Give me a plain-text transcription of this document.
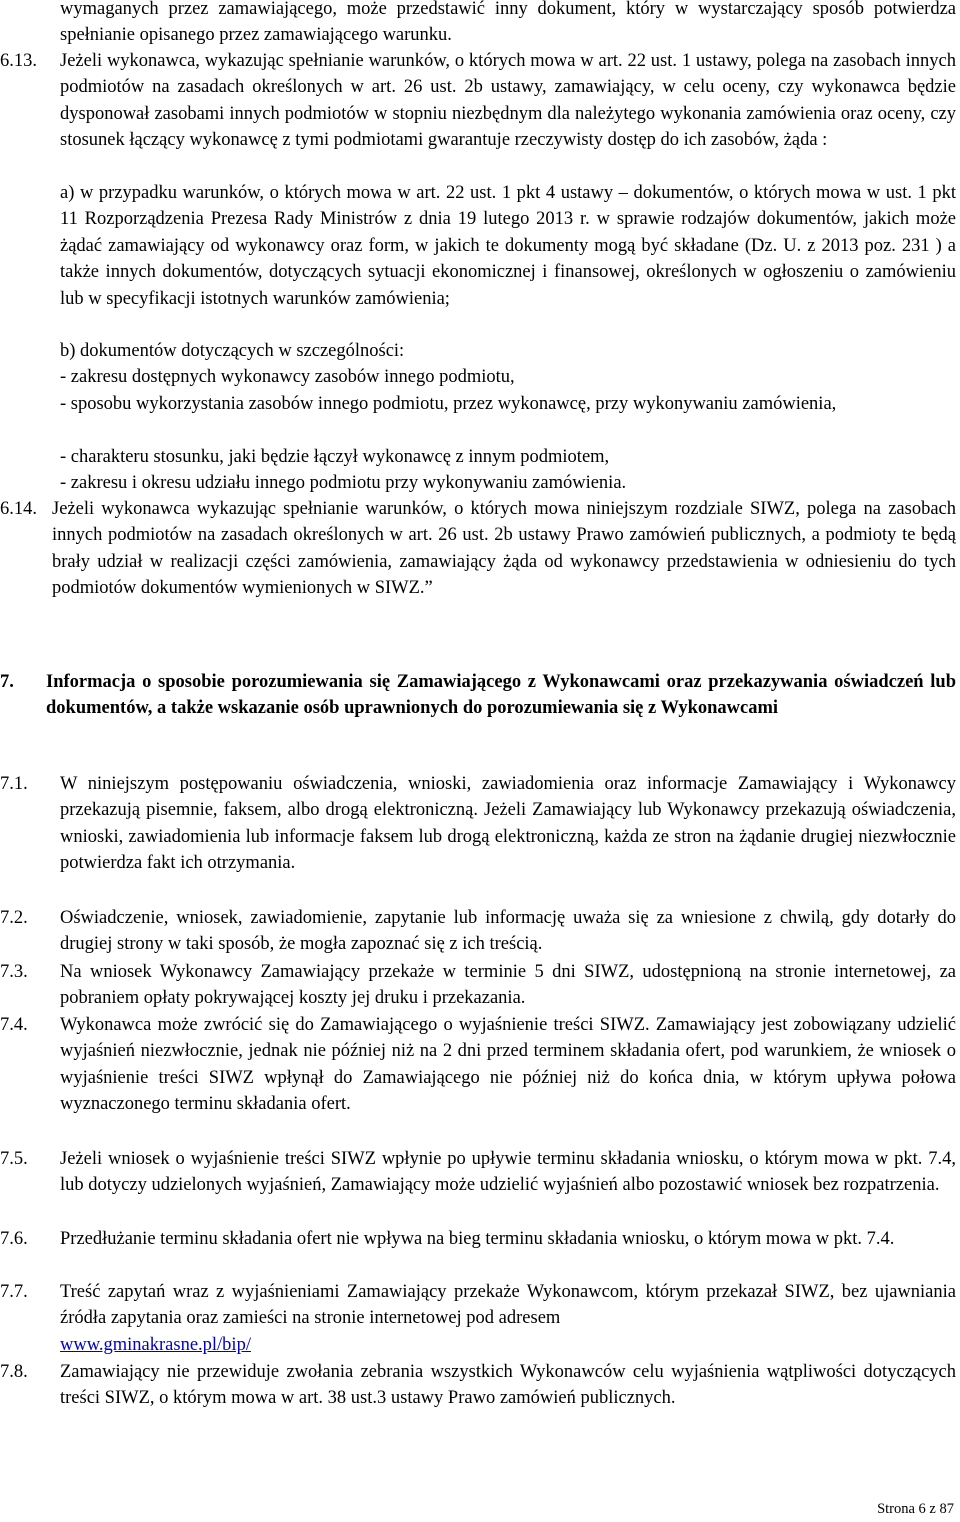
wymaganych przez zamawiającego, może przedstawić inny dokument, który w wystarczający sposób potwierdza spełnianie opisanego przez zamawiającego warunku.

6.13. Jeżeli wykonawca, wykazując spełnianie warunków, o których mowa w art. 22 ust. 1 ustawy, polega na zasobach innych podmiotów na zasadach określonych w art. 26 ust. 2b ustawy, zamawiający, w celu oceny, czy wykonawca będzie dysponował zasobami innych podmiotów w stopniu niezbędnym dla należytego wykonania zamówienia oraz oceny, czy stosunek łączący wykonawcę z tymi podmiotami gwarantuje rzeczywisty dostęp do ich zasobów, żąda :

a) w przypadku warunków, o których mowa w art. 22 ust. 1 pkt 4 ustawy – dokumentów, o których mowa w ust. 1 pkt 11 Rozporządzenia Prezesa Rady Ministrów z dnia 19 lutego 2013 r. w sprawie rodzajów dokumentów, jakich może żądać zamawiający od wykonawcy oraz form, w jakich te dokumenty mogą być składane (Dz. U. z 2013 poz. 231 ) a także innych dokumentów, dotyczących sytuacji ekonomicznej i finansowej, określonych w ogłoszeniu o zamówieniu lub w specyfikacji istotnych warunków zamówienia;

b) dokumentów dotyczących w szczególności:

- zakresu dostępnych wykonawcy zasobów innego podmiotu,

- sposobu wykorzystania zasobów innego podmiotu, przez wykonawcę, przy wykonywaniu zamówienia,

- charakteru stosunku, jaki będzie łączył wykonawcę z innym podmiotem,

- zakresu i okresu udziału innego podmiotu przy wykonywaniu zamówienia.

6.14. Jeżeli wykonawca wykazując spełnianie warunków, o których mowa niniejszym rozdziale SIWZ, polega na zasobach innych podmiotów na zasadach określonych w art. 26 ust. 2b ustawy Prawo zamówień publicznych, a podmioty te będą brały udział w realizacji części zamówienia, zamawiający żąda od wykonawcy przedstawienia w odniesieniu do tych podmiotów dokumentów wymienionych w SIWZ.”

7. Informacja o sposobie porozumiewania się Zamawiającego z Wykonawcami oraz przekazywania oświadczeń lub dokumentów, a także wskazanie osób uprawnionych do porozumiewania się z Wykonawcami
7.1. W niniejszym postępowaniu oświadczenia, wnioski, zawiadomienia oraz informacje Zamawiający i Wykonawcy przekazują pisemnie, faksem, albo drogą elektroniczną. Jeżeli Zamawiający lub Wykonawcy przekazują oświadczenia, wnioski, zawiadomienia lub informacje faksem lub drogą elektroniczną, każda ze stron na żądanie drugiej niezwłocznie potwierdza fakt ich otrzymania.

7.2. Oświadczenie, wniosek, zawiadomienie, zapytanie lub informację uważa się za wniesione z chwilą, gdy dotarły do drugiej strony w taki sposób, że mogła zapoznać się z ich treścią.

7.3. Na wniosek Wykonawcy Zamawiający przekaże w terminie 5 dni SIWZ, udostępnioną na stronie internetowej, za pobraniem opłaty pokrywającej koszty jej druku i przekazania.

7.4. Wykonawca może zwrócić się do Zamawiającego o wyjaśnienie treści SIWZ. Zamawiający jest zobowiązany udzielić wyjaśnień niezwłocznie, jednak nie później niż na 2 dni przed terminem składania ofert, pod warunkiem, że wniosek o wyjaśnienie treści SIWZ wpłynął do Zamawiającego nie później niż do końca dnia, w którym upływa połowa wyznaczonego terminu składania ofert.

7.5. Jeżeli wniosek o wyjaśnienie treści SIWZ wpłynie po upływie terminu składania wniosku, o którym mowa w pkt. 7.4, lub dotyczy udzielonych wyjaśnień, Zamawiający może udzielić wyjaśnień albo pozostawić wniosek bez rozpatrzenia.

7.6. Przedłużanie terminu składania ofert nie wpływa na bieg terminu składania wniosku, o którym mowa w pkt. 7.4.

7.7. Treść zapytań wraz z wyjaśnieniami Zamawiający przekaże Wykonawcom, którym przekazał SIWZ, bez ujawniania źródła zapytania oraz zamieści na stronie internetowej pod adresem
www.gminakrasne.pl/bip/

7.8. Zamawiający nie przewiduje zwołania zebrania wszystkich Wykonawców celu wyjaśnienia wątpliwości dotyczących treści SIWZ, o którym mowa w art. 38 ust.3 ustawy Prawo zamówień publicznych.

Strona 6 z 87
